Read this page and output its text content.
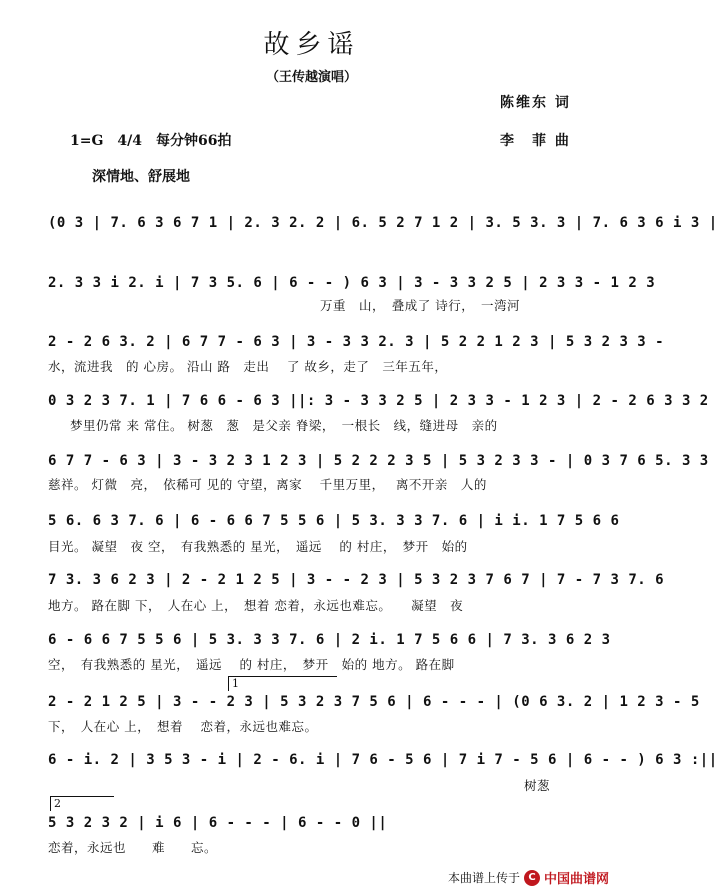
故乡谣
（王传越演唱）
陈维东 词
1=G　4/4　每分钟66拍	李　菲 曲
深情地、舒展地
(0 3 | 7. 6 3 6 7 1 | 2. 3 2. 2 | 6. 5 2 7 1 2 | 3. 5 3. 3 | 7. 6 3 6 i 3 |
2. 3 3 i 2. i | 7 3 5. 6 | 6 - - ) 6 3 | 3 - 3 3 2 5 | 2 3 3 - 1 2 3
万重　山，　叠成了 诗行，　一湾河
2 - 2 6 3. 2 | 6 7 7 - 6 3 | 3 - 3 3 2. 3 | 5 2 2 1 2 3 | 5 3 2 3 3 -
水，流进我　的 心房。 沿山 路　走出　 了 故乡，走了　三年五年，
0 3 2 3 7. 1 | 7 6 6 - 6 3 ||: 3 - 3 3 2 5 | 2 3 3 - 1 2 3 | 2 - 2 6 3 3 2
梦里仍常 来 常住。 树葱　葱　是父亲 脊梁，　一根长　线，缝进母　亲的
6 7 7 - 6 3 | 3 - 3 2 3 1 2 3 | 5 2 2 2 3 5 | 5 3 2 3 3 - | 0 3 7 6 5. 3 3
慈祥。 灯微　亮，　依稀可 见的 守望，离家　 千里万里，　 离不开亲　人的
5 6. 6 3 7. 6 | 6 - 6 6 7 5 5 6 | 5 3. 3 3 7. 6 | i i. 1 7 5 6 6
目光。 凝望　夜 空，　有我熟悉的 星光，　遥远　 的 村庄，　梦开　始的
7 3. 3 6 2 3 | 2 - 2 1 2 5 | 3 - - 2 3 | 5 3 2 3 7 6 7 | 7 - 7 3 7. 6
地方。 路在脚 下，　人在心 上，　想着 恋着，永远也难忘。　　凝望　夜
6 - 6 6 7 5 5 6 | 5 3. 3 3 7. 6 | 2 i. 1 7 5 6 6 | 7 3. 3 6 2 3
空，　有我熟悉的 星光，　遥远　 的 村庄，　梦开　始的 地方。 路在脚
1
2 - 2 1 2 5 | 3 - - 2 3 | 5 3 2 3 7 5 6 | 6 - - - | (0 6 3. 2 | 1 2 3 - 5
下，　人在心 上，　想着　 恋着，永远也难忘。
6 - i. 2 | 3 5 3 - i | 2 - 6. i | 7 6 - 5 6 | 7 i 7 - 5 6 | 6 - - ) 6 3 :||
树葱
2
5 3 2 3 2 | i 6 | 6 - - - | 6 - - 0 ||
恋着，永远也　　难　　忘。
本曲谱上传于 C 中国曲谱网
